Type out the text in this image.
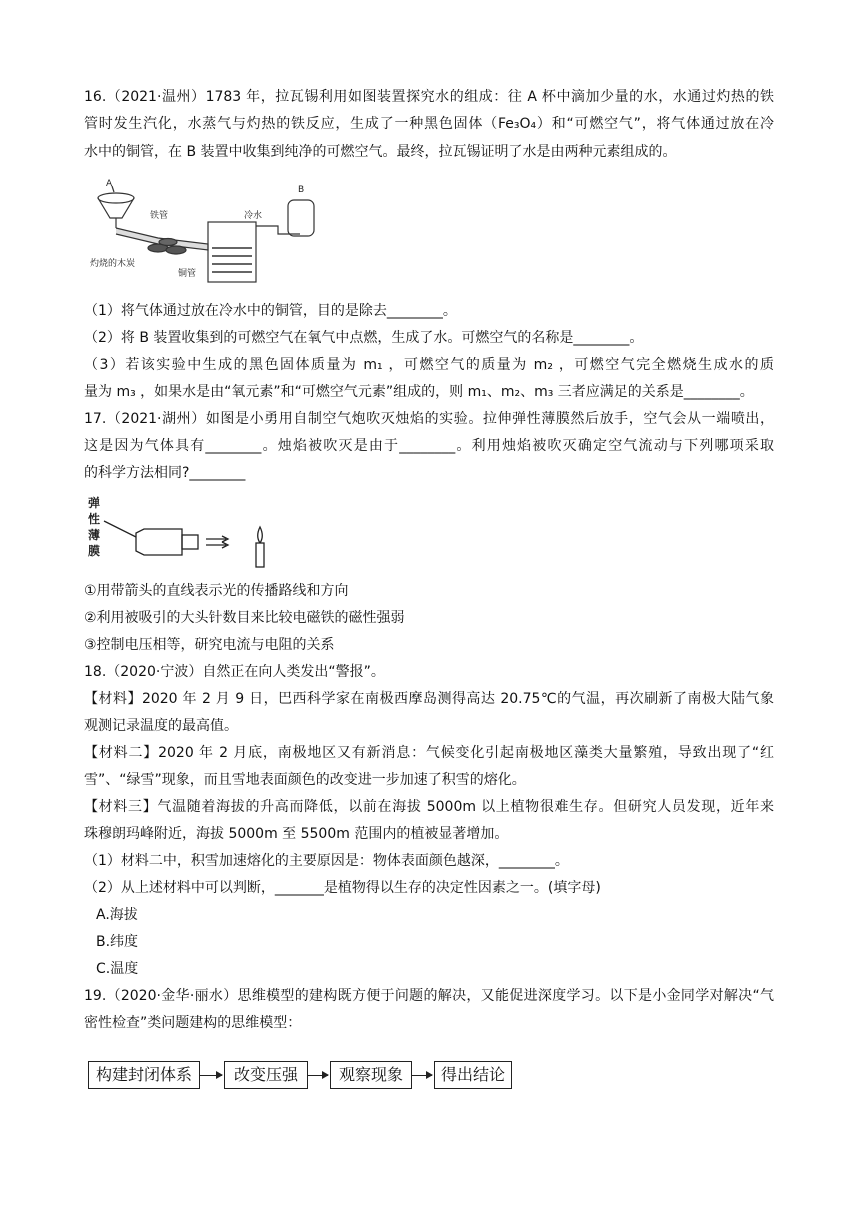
16.（2021·温州）1783 年，拉瓦锡利用如图装置探究水的组成：往 A 杯中滴加少量的水，水通过灼热的铁
管时发生汽化，水蒸气与灼热的铁反应，生成了一种黑色固体（Fe₃O₄）和“可燃空气”，将气体通过放在冷
水中的铜管，在 B 装置中收集到纯净的可燃空气。最终，拉瓦锡证明了水是由两种元素组成的。
A
B
铁管	冷水
灼烧的木炭
铜管
（1）将气体通过放在冷水中的铜管，目的是除去________。
（2）将 B 装置收集到的可燃空气在氧气中点燃，生成了水。可燃空气的名称是________。
（3）若该实验中生成的黑色固体质量为 m₁ ，可燃空气的质量为 m₂ ，可燃空气完全燃烧生成水的质
量为 m₃ ，如果水是由“氧元素”和“可燃空气元素”组成的，则 m₁、m₂、m₃ 三者应满足的关系是________。
17.（2021·湖州）如图是小勇用自制空气炮吹灭烛焰的实验。拉伸弹性薄膜然后放手，空气会从一端喷出，
这是因为气体具有________。烛焰被吹灭是由于________。利用烛焰被吹灭确定空气流动与下列哪项采取
的科学方法相同?________
弹
性
薄
膜
①用带箭头的直线表示光的传播路线和方向
②利用被吸引的大头针数目来比较电磁铁的磁性强弱
③控制电压相等，研究电流与电阻的关系
18.（2020·宁波）自然正在向人类发出“警报”。
【材料】2020 年 2 月 9 日，巴西科学家在南极西摩岛测得高达 20.75℃的气温，再次刷新了南极大陆气象
观测记录温度的最高值。
【材料二】2020 年 2 月底，南极地区又有新消息：气候变化引起南极地区藻类大量繁殖，导致出现了“红
雪”、“绿雪”现象，而且雪地表面颜色的改变进一步加速了积雪的熔化。
【材料三】气温随着海拔的升高而降低，以前在海拔 5000m 以上植物很难生存。但研究人员发现，近年来
珠穆朗玛峰附近，海拔 5000m 至 5500m 范围内的植被显著增加。
（1）材料二中，积雪加速熔化的主要原因是：物体表面颜色越深，________。
（2）从上述材料中可以判断，_______是植物得以生存的决定性因素之一。(填字母)
A.海拔
B.纬度
C.温度
19.（2020·金华·丽水）思维模型的建构既方便于问题的解决，又能促进深度学习。以下是小金同学对解决“气
密性检查”类问题建构的思维模型：
构建封闭体系	改变压强	观察现象	得出结论
